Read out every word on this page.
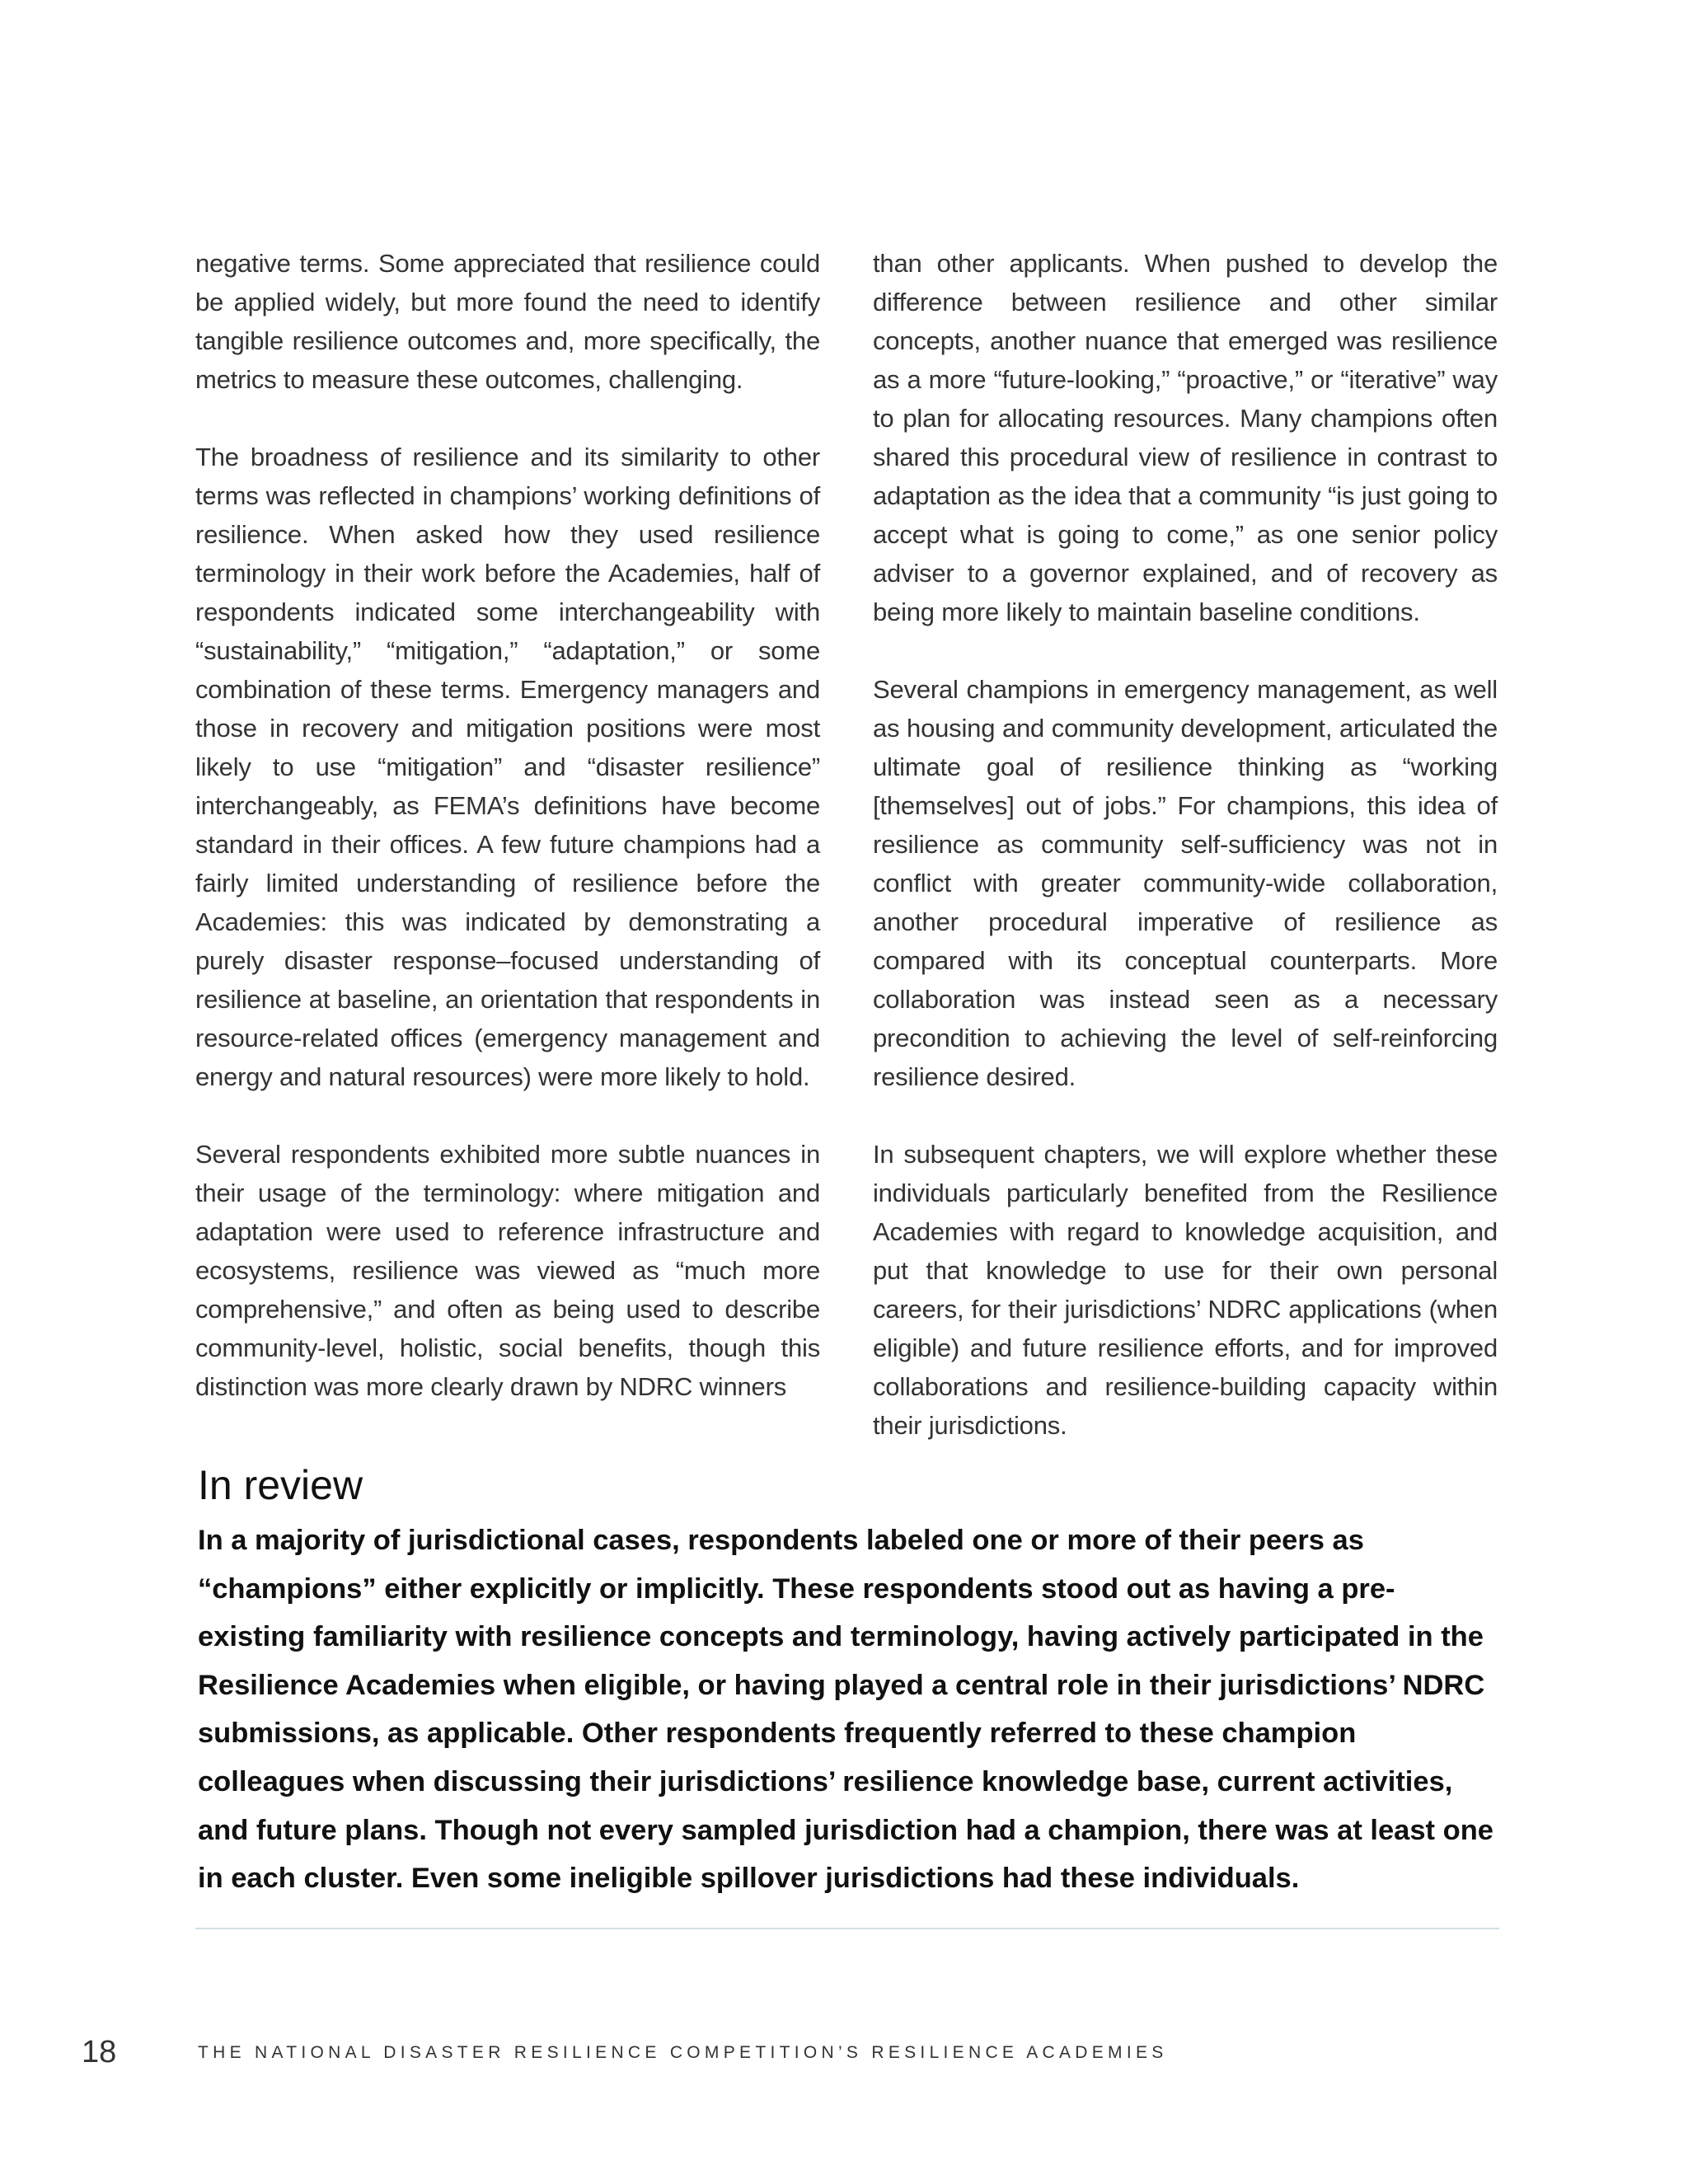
negative terms. Some appreciated that resilience could be applied widely, but more found the need to identify tangible resilience outcomes and, more specifically, the metrics to measure these outcomes, challenging.

The broadness of resilience and its similarity to other terms was reflected in champions’ working definitions of resilience. When asked how they used resilience terminology in their work before the Academies, half of respondents indicated some interchangeability with “sustainability,” “mitigation,” “adaptation,” or some combination of these terms. Emergency managers and those in recovery and mitigation positions were most likely to use “mitigation” and “disaster resilience” interchangeably, as FEMA’s definitions have become standard in their offices. A few future champions had a fairly limited understanding of resilience before the Academies: this was indicated by demonstrating a purely disaster response–focused understanding of resilience at baseline, an orientation that respondents in resource-related offices (emergency management and energy and natural resources) were more likely to hold.

Several respondents exhibited more subtle nuances in their usage of the terminology: where mitigation and adaptation were used to reference infrastructure and ecosystems, resilience was viewed as “much more comprehensive,” and often as being used to describe community-level, holistic, social benefits, though this distinction was more clearly drawn by NDRC winners

than other applicants. When pushed to develop the difference between resilience and other similar concepts, another nuance that emerged was resilience as a more “future-looking,” “proactive,” or “iterative” way to plan for allocating resources. Many champions often shared this procedural view of resilience in contrast to adaptation as the idea that a community “is just going to accept what is going to come,” as one senior policy adviser to a governor explained, and of recovery as being more likely to maintain baseline conditions.

Several champions in emergency management, as well as housing and community development, articulated the ultimate goal of resilience thinking as “working [themselves] out of jobs.” For champions, this idea of resilience as community self-sufficiency was not in conflict with greater community-wide collaboration, another procedural imperative of resilience as compared with its conceptual counterparts. More collaboration was instead seen as a necessary precondition to achieving the level of self-reinforcing resilience desired.

In subsequent chapters, we will explore whether these individuals particularly benefited from the Resilience Academies with regard to knowledge acquisition, and put that knowledge to use for their own personal careers, for their jurisdictions’ NDRC applications (when eligible) and future resilience efforts, and for improved collaborations and resilience-building capacity within their jurisdictions.

In review

In a majority of jurisdictional cases, respondents labeled one or more of their peers as “champions” either explicitly or implicitly. These respondents stood out as having a pre-existing familiarity with resilience concepts and terminology, having actively participated in the Resilience Academies when eligible, or having played a central role in their jurisdictions’ NDRC submissions, as applicable. Other respondents frequently referred to these champion colleagues when discussing their jurisdictions’ resilience knowledge base, current activities, and future plans. Though not every sampled jurisdiction had a champion, there was at least one in each cluster. Even some ineligible spillover jurisdictions had these individuals.

18	THE NATIONAL DISASTER RESILIENCE COMPETITION’S RESILIENCE ACADEMIES
